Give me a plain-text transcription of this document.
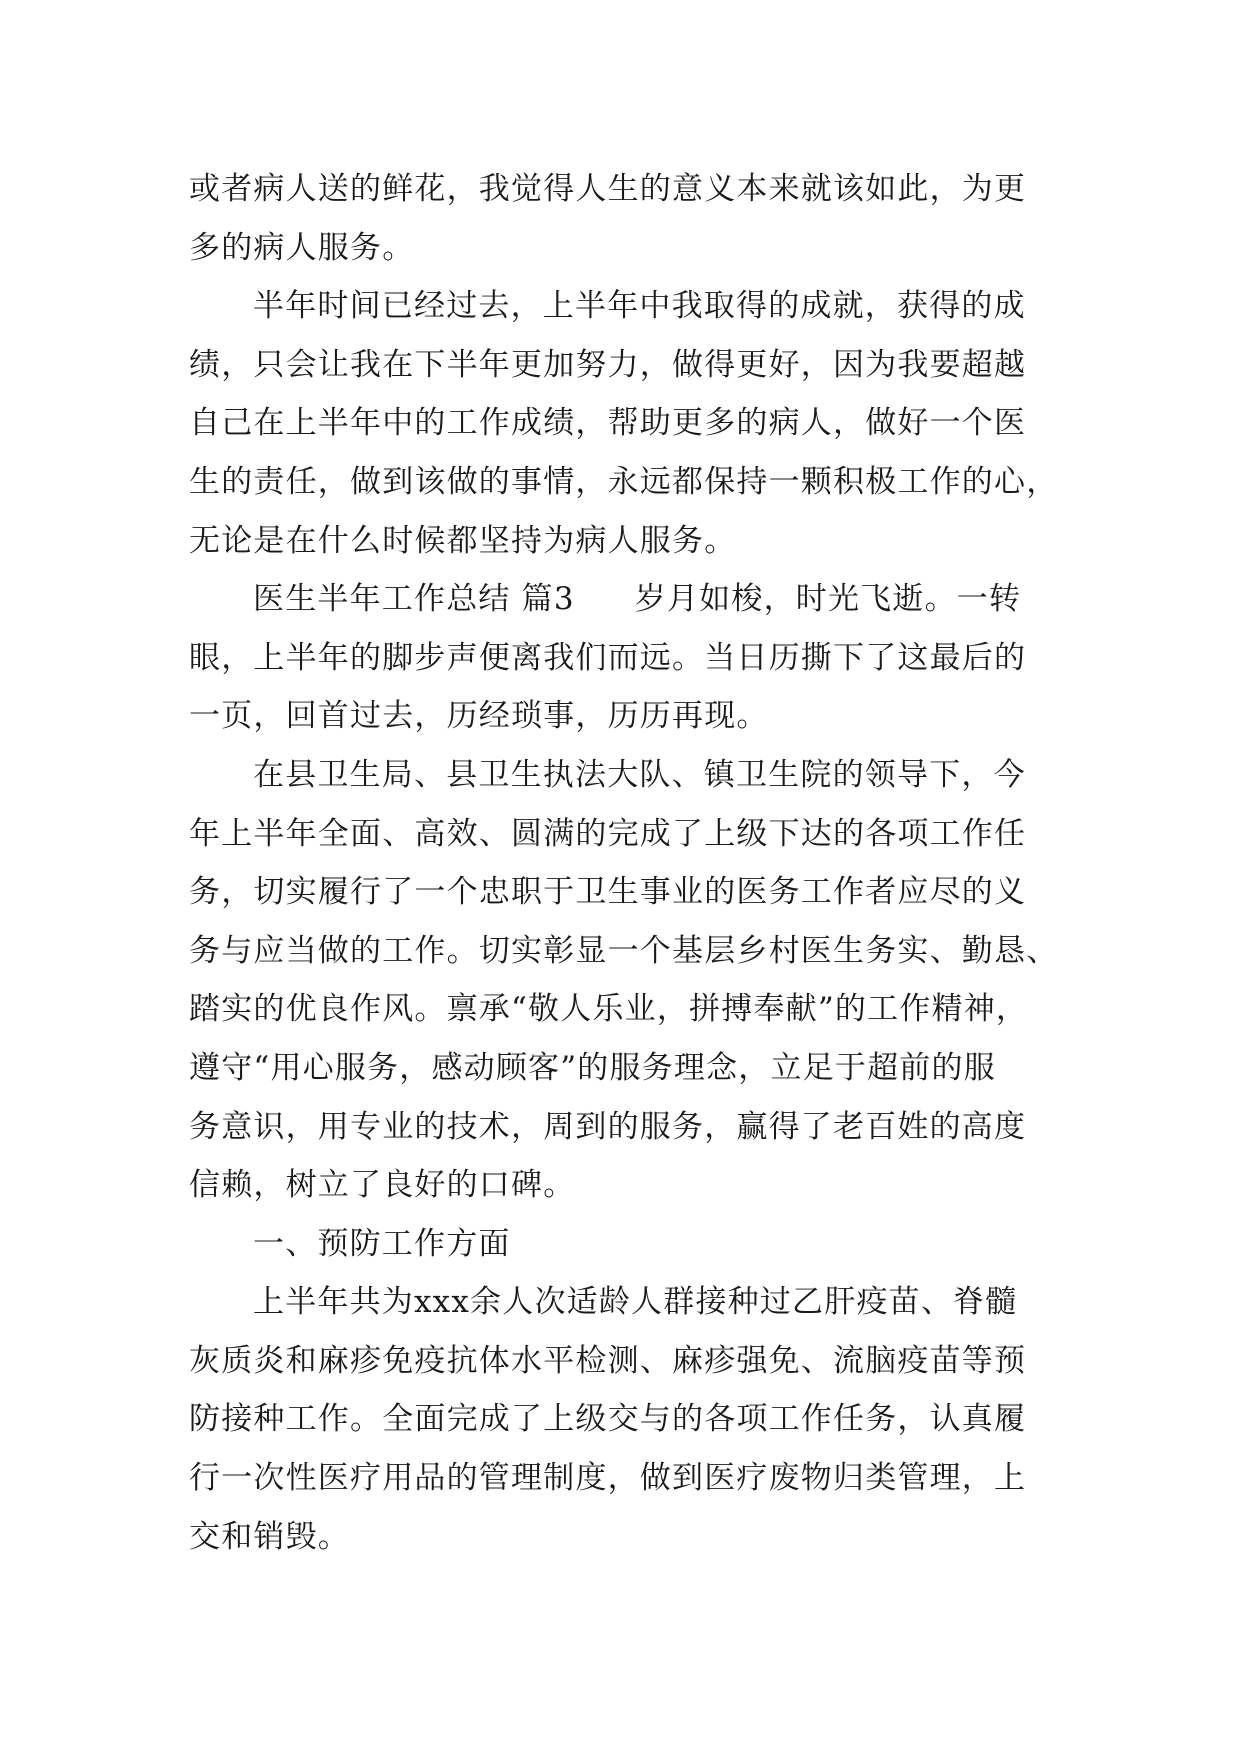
或者病人送的鲜花，我觉得人生的意义本来就该如此，为更
多的病人服务。
半年时间已经过去，上半年中我取得的成就，获得的成
绩，只会让我在下半年更加努力，做得更好，因为我要超越
自己在上半年中的工作成绩，帮助更多的病人，做好一个医
生的责任，做到该做的事情，永远都保持一颗积极工作的心，
无论是在什么时候都坚持为病人服务。
医生半年工作总结 篇3 岁月如梭，时光飞逝。一转
眼，上半年的脚步声便离我们而远。当日历撕下了这最后的
一页，回首过去，历经琐事，历历再现。
在县卫生局、县卫生执法大队、镇卫生院的领导下，今
年上半年全面、高效、圆满的完成了上级下达的各项工作任
务，切实履行了一个忠职于卫生事业的医务工作者应尽的义
务与应当做的工作。切实彰显一个基层乡村医生务实、勤恳、
踏实的优良作风。禀承“敬人乐业，拼搏奉献”的工作精神，
遵守“用心服务，感动顾客”的服务理念，立足于超前的服
务意识，用专业的技术，周到的服务，赢得了老百姓的高度
信赖，树立了良好的口碑。
一、预防工作方面
上半年共为xxx余人次适龄人群接种过乙肝疫苗、脊髓
灰质炎和麻疹免疫抗体水平检测、麻疹强免、流脑疫苗等预
防接种工作。全面完成了上级交与的各项工作任务，认真履
行一次性医疗用品的管理制度，做到医疗废物归类管理，上
交和销毁。
